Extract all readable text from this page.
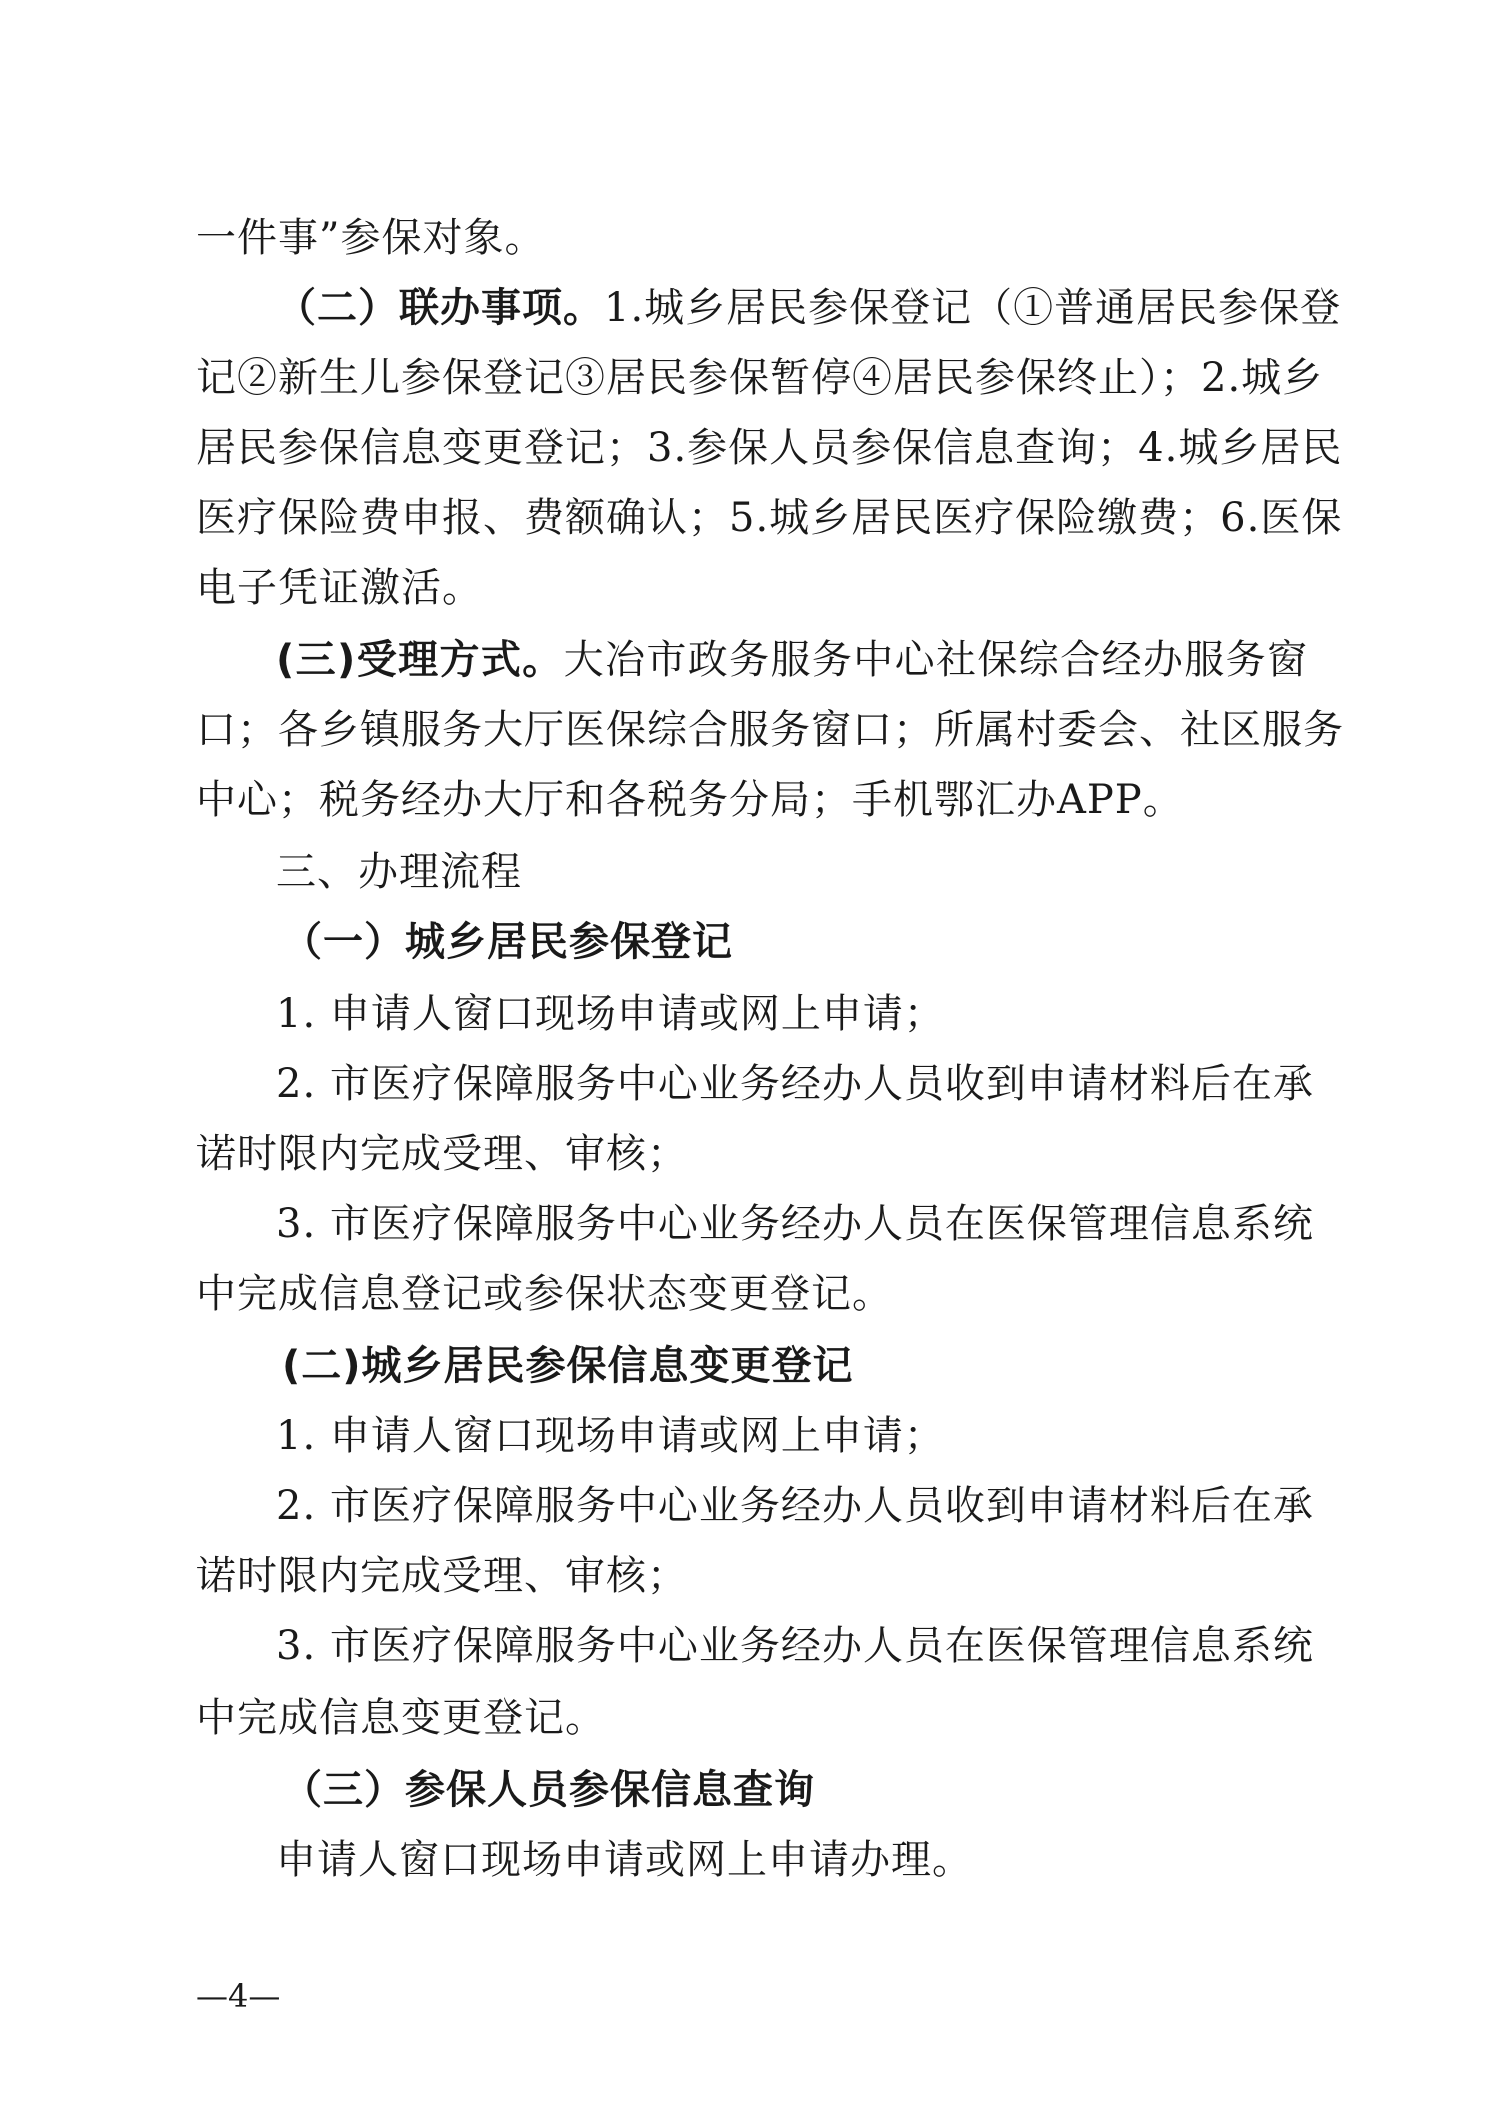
一件事”参保对象。
（二）联办事项。1.城乡居民参保登记（①普通居民参保登
记②新生儿参保登记③居民参保暂停④居民参保终止）；2.城乡
居民参保信息变更登记；3.参保人员参保信息查询；4.城乡居民
医疗保险费申报、费额确认；5.城乡居民医疗保险缴费；6.医保
电子凭证激活。
(三)受理方式。大冶市政务服务中心社保综合经办服务窗
口；各乡镇服务大厅医保综合服务窗口；所属村委会、社区服务
中心；税务经办大厅和各税务分局；手机鄂汇办APP。
三、办理流程
（一）城乡居民参保登记
1. 申请人窗口现场申请或网上申请；
2. 市医疗保障服务中心业务经办人员收到申请材料后在承
诺时限内完成受理、审核；
3. 市医疗保障服务中心业务经办人员在医保管理信息系统
中完成信息登记或参保状态变更登记。
(二)城乡居民参保信息变更登记
1. 申请人窗口现场申请或网上申请；
2. 市医疗保障服务中心业务经办人员收到申请材料后在承
诺时限内完成受理、审核；
3. 市医疗保障服务中心业务经办人员在医保管理信息系统
中完成信息变更登记。
（三）参保人员参保信息查询
申请人窗口现场申请或网上申请办理。
—4—
